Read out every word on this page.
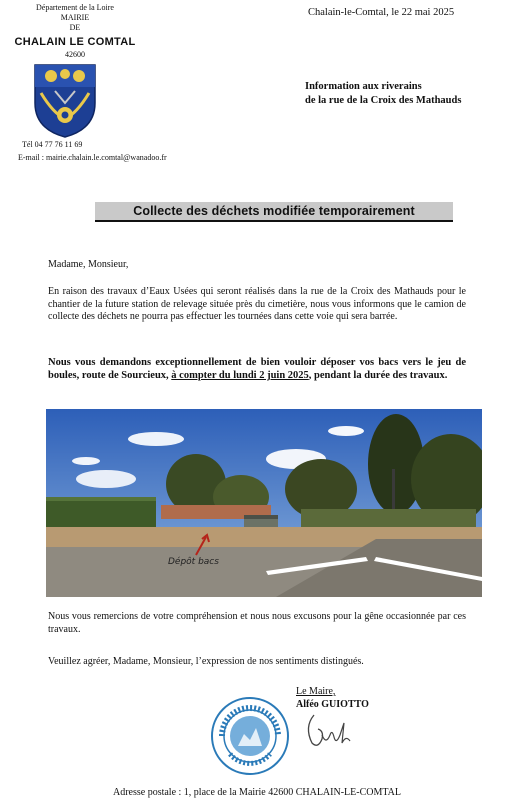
Département de la Loire
MAIRIE
DE
CHALAIN LE COMTAL
42600
Tél 04 77 76 11 69
E-mail : mairie.chalain.le.comtal@wanadoo.fr
Chalain-le-Comtal, le 22 mai 2025
Information aux riverains
de la rue de la Croix des Mathauds
Collecte des déchets modifiée temporairement
Madame, Monsieur,
En raison des travaux d’Eaux Usées qui seront réalisés dans la rue de la Croix des Mathauds pour le chantier de la future station de relevage située près du cimetière, nous vous informons que le camion de collecte des déchets ne pourra pas effectuer les tournées dans cette voie qui sera barrée.
Nous vous demandons exceptionnellement de bien vouloir déposer vos bacs vers le jeu de boules, route de Sourcieux, à compter du lundi 2 juin 2025, pendant la durée des travaux.
Dépôt bacs
Nous vous remercions de votre compréhension et nous nous excusons pour la gêne occasionnée par ces travaux.
Veuillez agréer, Madame, Monsieur, l’expression de nos sentiments distingués.
Le Maire,
Alféo GUIOTTO
Adresse postale : 1, place de la Mairie 42600 CHALAIN-LE-COMTAL
